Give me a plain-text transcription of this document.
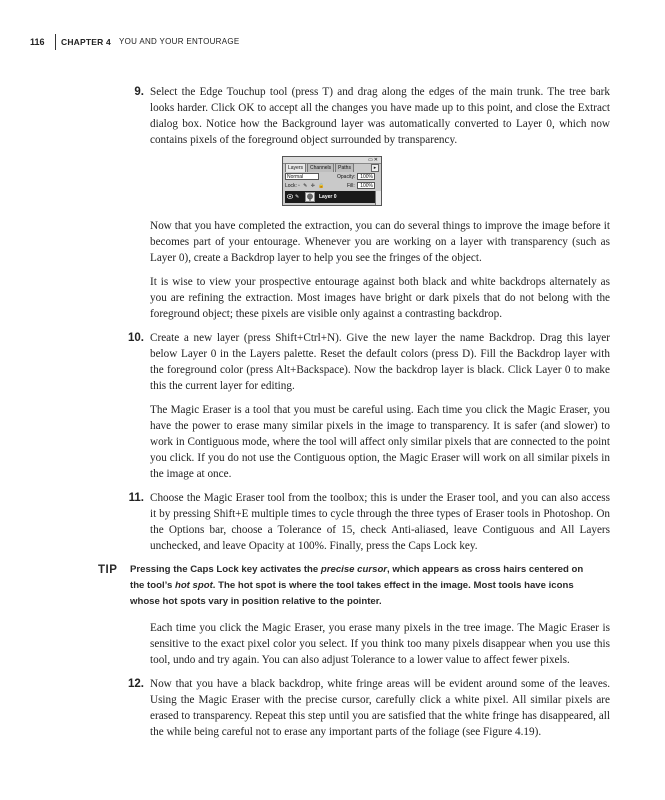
116 CHAPTER 4 YOU AND YOUR ENTOURAGE
9. Select the Edge Touchup tool (press T) and drag along the edges of the main trunk. The tree bark looks harder. Click OK to accept all the changes you have made up to this point, and close the Extract dialog box. Notice how the Background layer was automatically converted to Layer 0, which now contains pixels of the foreground object surrounded by transparency.
▭✕
Layers	Channels	Paths	▸
Normal	Opacity: 100%
Lock: ▫ ✎ ✛ 🔒	Fill:	100%
✎	Layer 0
Now that you have completed the extraction, you can do several things to improve the image before it becomes part of your entourage. Whenever you are working on a layer with transparency (such as Layer 0), create a Backdrop layer to help you see the fringes of the object.
It is wise to view your prospective entourage against both black and white backdrops alternately as you are refining the extraction. Most images have bright or dark pixels that do not belong with the foreground object; these pixels are visible only against a contrasting backdrop.
10. Create a new layer (press Shift+Ctrl+N). Give the new layer the name Backdrop. Drag this layer below Layer 0 in the Layers palette. Reset the default colors (press D). Fill the Backdrop layer with the foreground color (press Alt+Backspace). Now the backdrop layer is black. Click Layer 0 to make this the current layer for editing.
The Magic Eraser is a tool that you must be careful using. Each time you click the Magic Eraser, you have the power to erase many similar pixels in the image to transparency. It is safer (and slower) to work in Contiguous mode, where the tool will affect only similar pixels that are connected to the point you click. If you do not use the Contiguous option, the Magic Eraser will work on all similar pixels in the image at once.
11. Choose the Magic Eraser tool from the toolbox; this is under the Eraser tool, and you can also access it by pressing Shift+E multiple times to cycle through the three types of Eraser tools in Photoshop. On the Options bar, choose a Tolerance of 15, check Anti-aliased, leave Contiguous and All Layers unchecked, and leave Opacity at 100%. Finally, press the Caps Lock key.
TIP Pressing the Caps Lock key activates the precise cursor, which appears as cross hairs centered on the tool’s hot spot. The hot spot is where the tool takes effect in the image. Most tools have icons whose hot spots vary in position relative to the pointer.
Each time you click the Magic Eraser, you erase many pixels in the tree image. The Magic Eraser is sensitive to the exact pixel color you select. If you think too many pixels disappear when you use this tool, undo and try again. You can also adjust Tolerance to a lower value to affect fewer pixels.
12. Now that you have a black backdrop, white fringe areas will be evident around some of the leaves. Using the Magic Eraser with the precise cursor, carefully click a white pixel. All similar pixels are erased to transparency. Repeat this step until you are satisfied that the white fringe has disappeared, all the while being careful not to erase any important parts of the foliage (see Figure 4.19).
